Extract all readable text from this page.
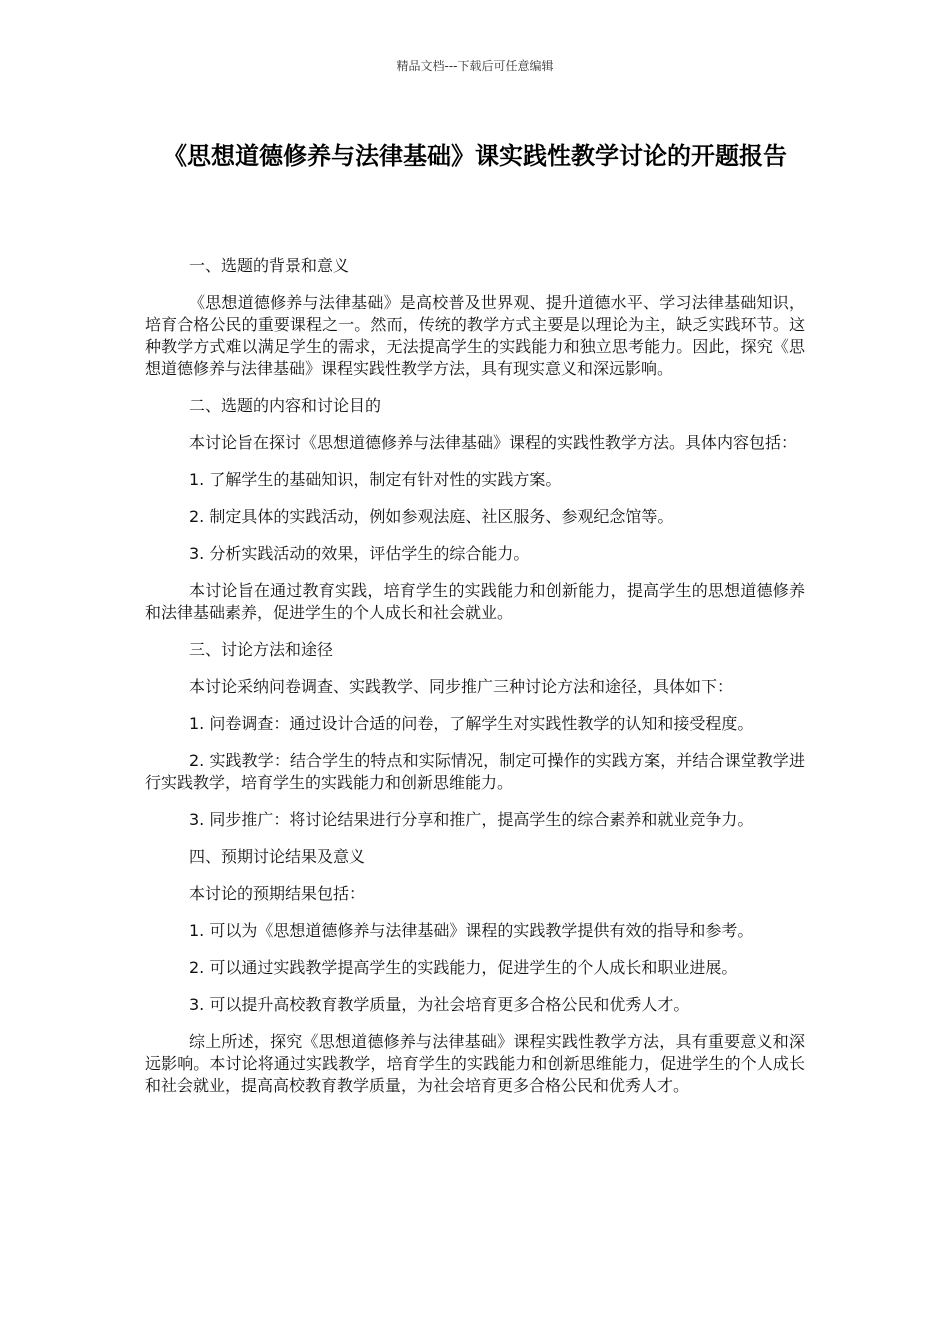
精品文档---下载后可任意编辑
《思想道德修养与法律基础》课实践性教学讨论的开题报告

一、选题的背景和意义

《思想道德修养与法律基础》是高校普及世界观、提升道德水平、学习法律基础知识，培育合格公民的重要课程之一。然而，传统的教学方式主要是以理论为主，缺乏实践环节。这种教学方式难以满足学生的需求，无法提高学生的实践能力和独立思考能力。因此，探究《思想道德修养与法律基础》课程实践性教学方法，具有现实意义和深远影响。

二、选题的内容和讨论目的

本讨论旨在探讨《思想道德修养与法律基础》课程的实践性教学方法。具体内容包括：

1. 了解学生的基础知识，制定有针对性的实践方案。

2. 制定具体的实践活动，例如参观法庭、社区服务、参观纪念馆等。

3. 分析实践活动的效果，评估学生的综合能力。

本讨论旨在通过教育实践，培育学生的实践能力和创新能力，提高学生的思想道德修养和法律基础素养，促进学生的个人成长和社会就业。

三、讨论方法和途径

本讨论采纳问卷调查、实践教学、同步推广三种讨论方法和途径，具体如下：

1. 问卷调查：通过设计合适的问卷，了解学生对实践性教学的认知和接受程度。

2. 实践教学：结合学生的特点和实际情况，制定可操作的实践方案，并结合课堂教学进行实践教学，培育学生的实践能力和创新思维能力。

3. 同步推广：将讨论结果进行分享和推广，提高学生的综合素养和就业竞争力。

四、预期讨论结果及意义

本讨论的预期结果包括：

1. 可以为《思想道德修养与法律基础》课程的实践教学提供有效的指导和参考。

2. 可以通过实践教学提高学生的实践能力，促进学生的个人成长和职业进展。

3. 可以提升高校教育教学质量，为社会培育更多合格公民和优秀人才。

综上所述，探究《思想道德修养与法律基础》课程实践性教学方法，具有重要意义和深远影响。本讨论将通过实践教学，培育学生的实践能力和创新思维能力，促进学生的个人成长和社会就业，提高高校教育教学质量，为社会培育更多合格公民和优秀人才。
